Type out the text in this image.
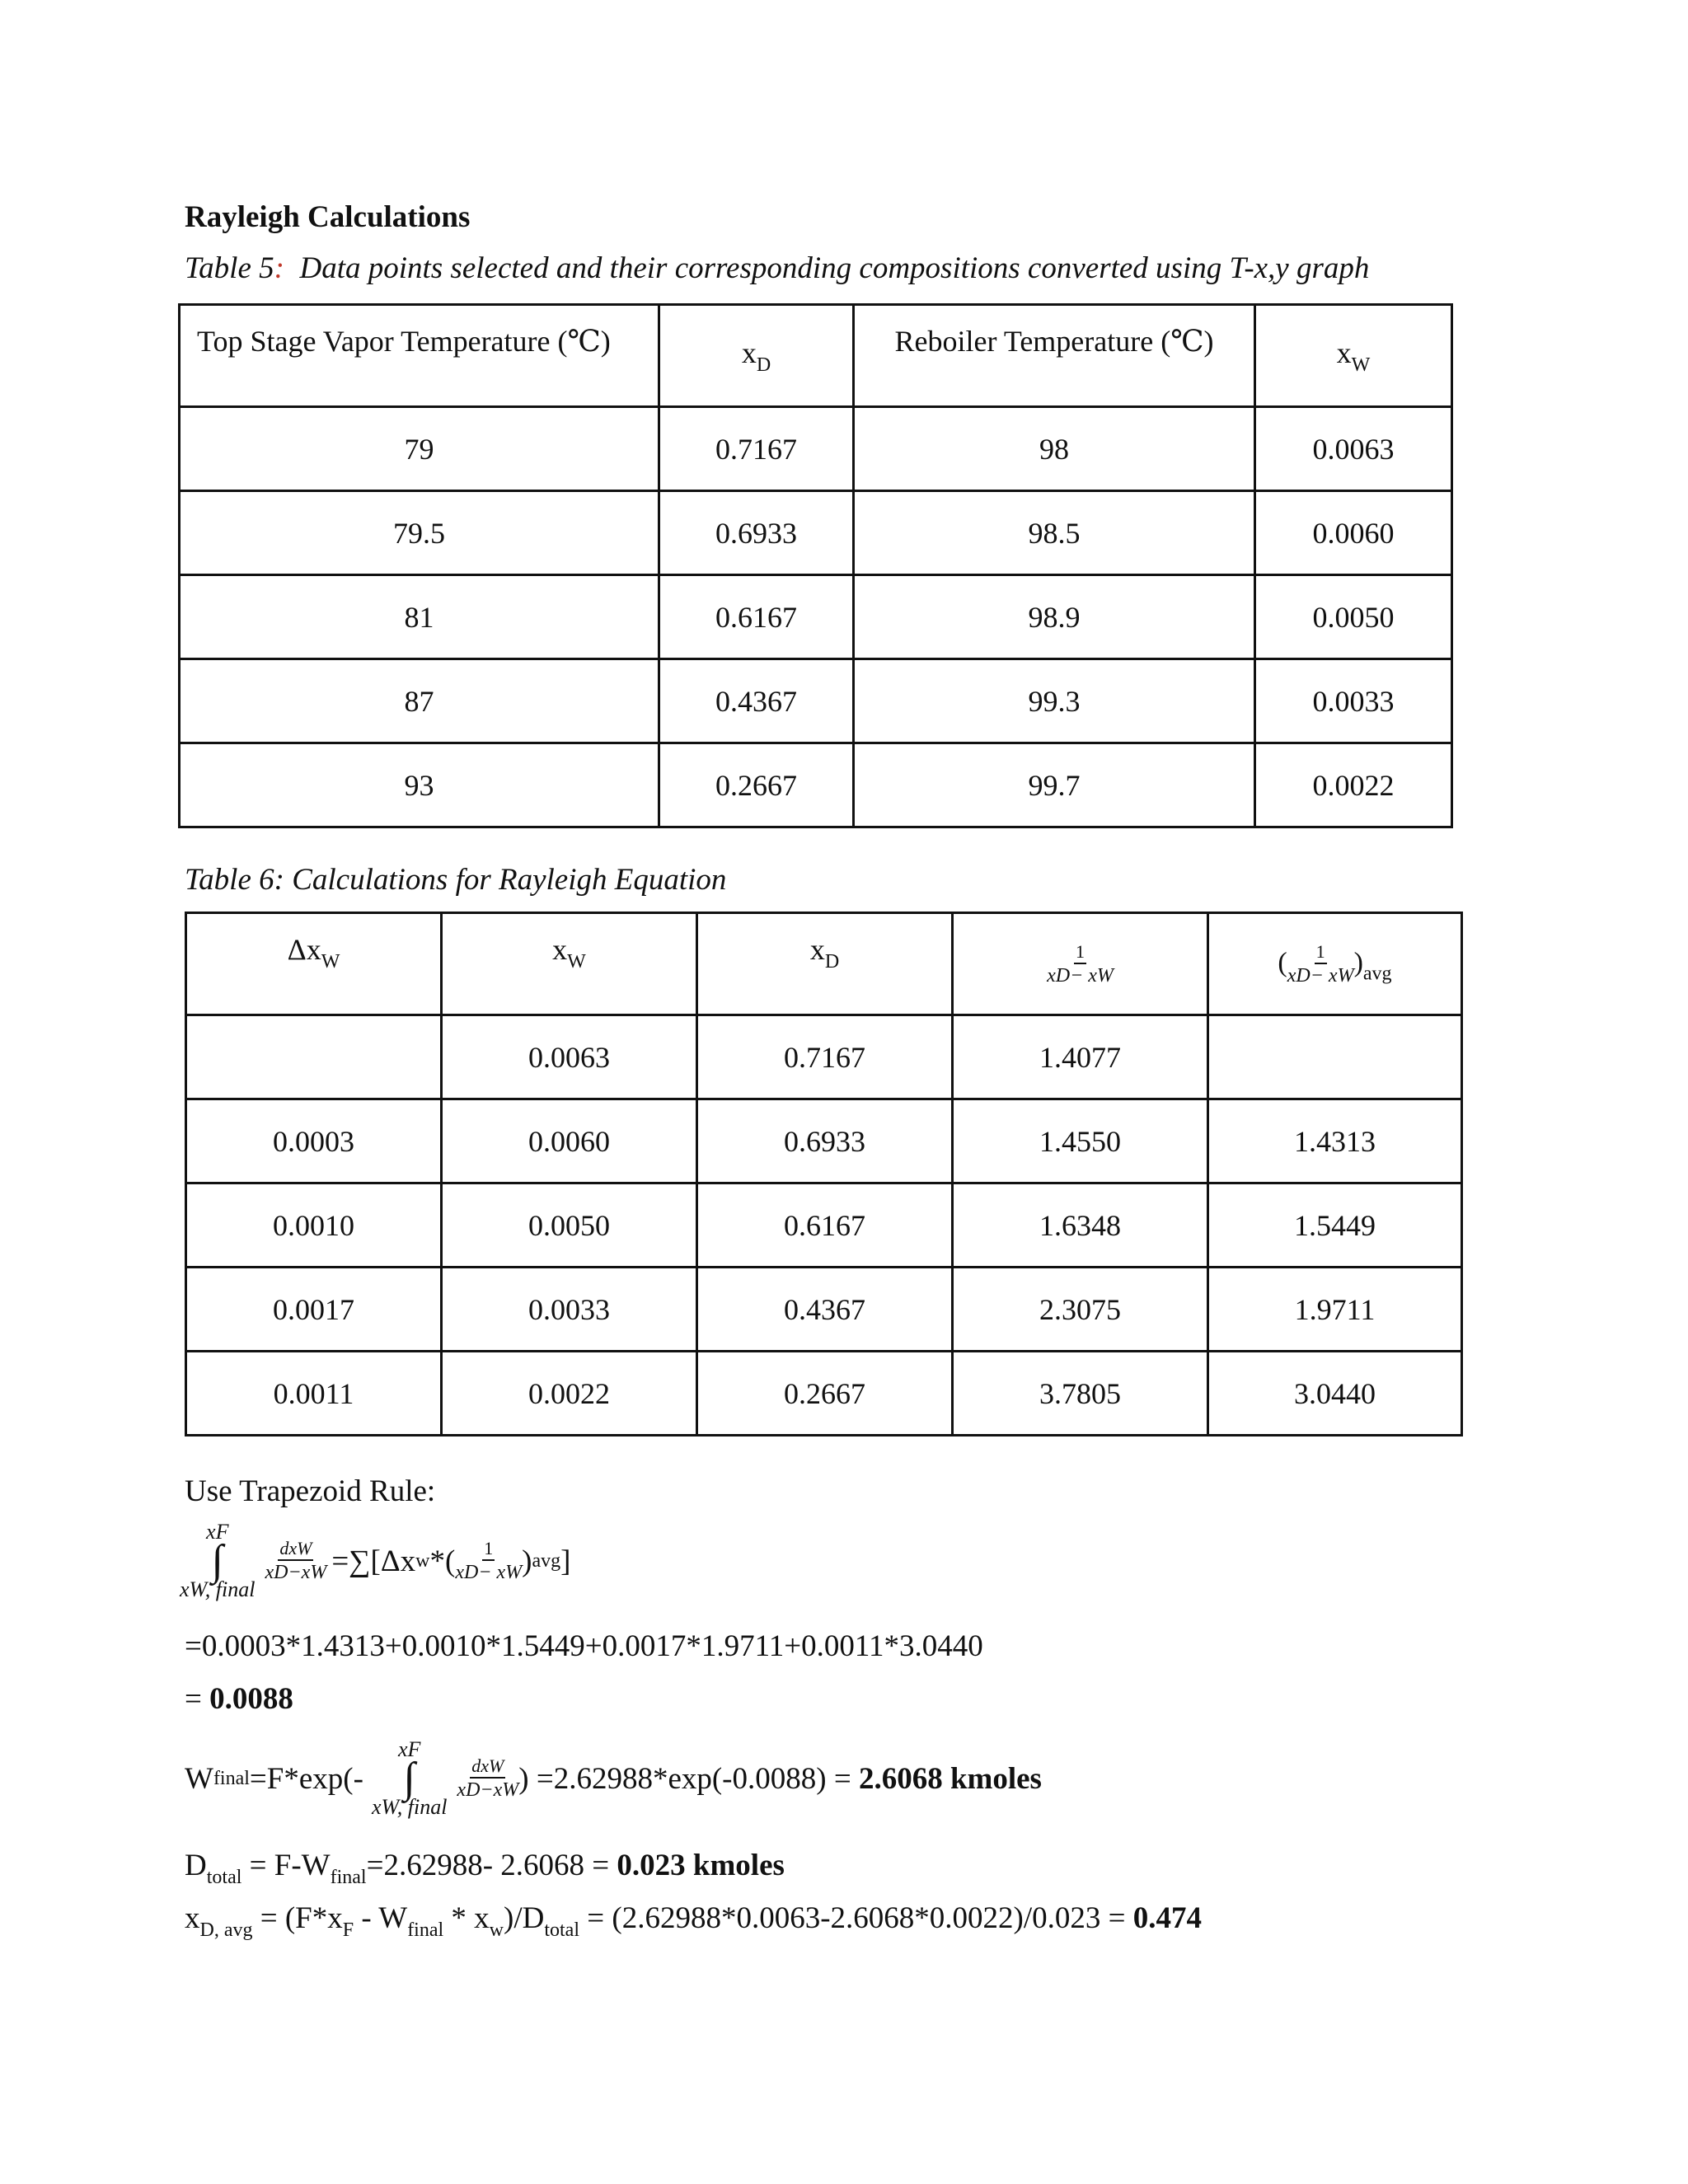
Rayleigh Calculations
Table 5:  Data points selected and their corresponding compositions converted using T-x,y graph
Top Stage Vapor Temperature (℃)	$x_D$	Reboiler Temperature (℃)	$x_W$
79	0.7167	98	0.0063
79.5	0.6933	98.5	0.0060
81	0.6167	98.9	0.0050
87	0.4367	99.3	0.0033
93	0.2667	99.7	0.0022
Table 6: Calculations for Rayleigh Equation
$\Delta x_W$	$x_W$	$x_D$	$\frac{1}{xD- xW}$	( $\frac{1}{xD- xW} )_{avg}$
	0.0063	0.7167	1.4077	
0.0003	0.0060	0.6933	1.4550	1.4313
0.0010	0.0050	0.6167	1.6348	1.5449
0.0017	0.0033	0.4367	2.3075	1.9711
0.0011	0.0022	0.2667	3.7805	3.0440
Use Trapezoid Rule:
xF
∫
xW, final
$\frac{\text{dxW}}{xD-xW} =\sum[\Delta x$ w *( $\frac{1}{xD- xW}$ ) avg ]
=0.0003*1.4313+0.0010*1.5449+0.0017*1.9711+0.0011*3.0440
= 0.0088
W final =F*exp(-
xF
∫
xW, final
$\frac{\text{dxW}}{xD-xW}$ ) =2.62988*exp(-0.0088) = 2.6068 kmoles
$D_{total} = F-W_{final}=2.62988-$ 2.6068 = 0.023 kmoles
$x_{D, avg} = (F*x_F - W_{final} * x_w)/D_{total} = (2.62988*0.0063-2.6068*0.0022)/0.023 = 0.474$
